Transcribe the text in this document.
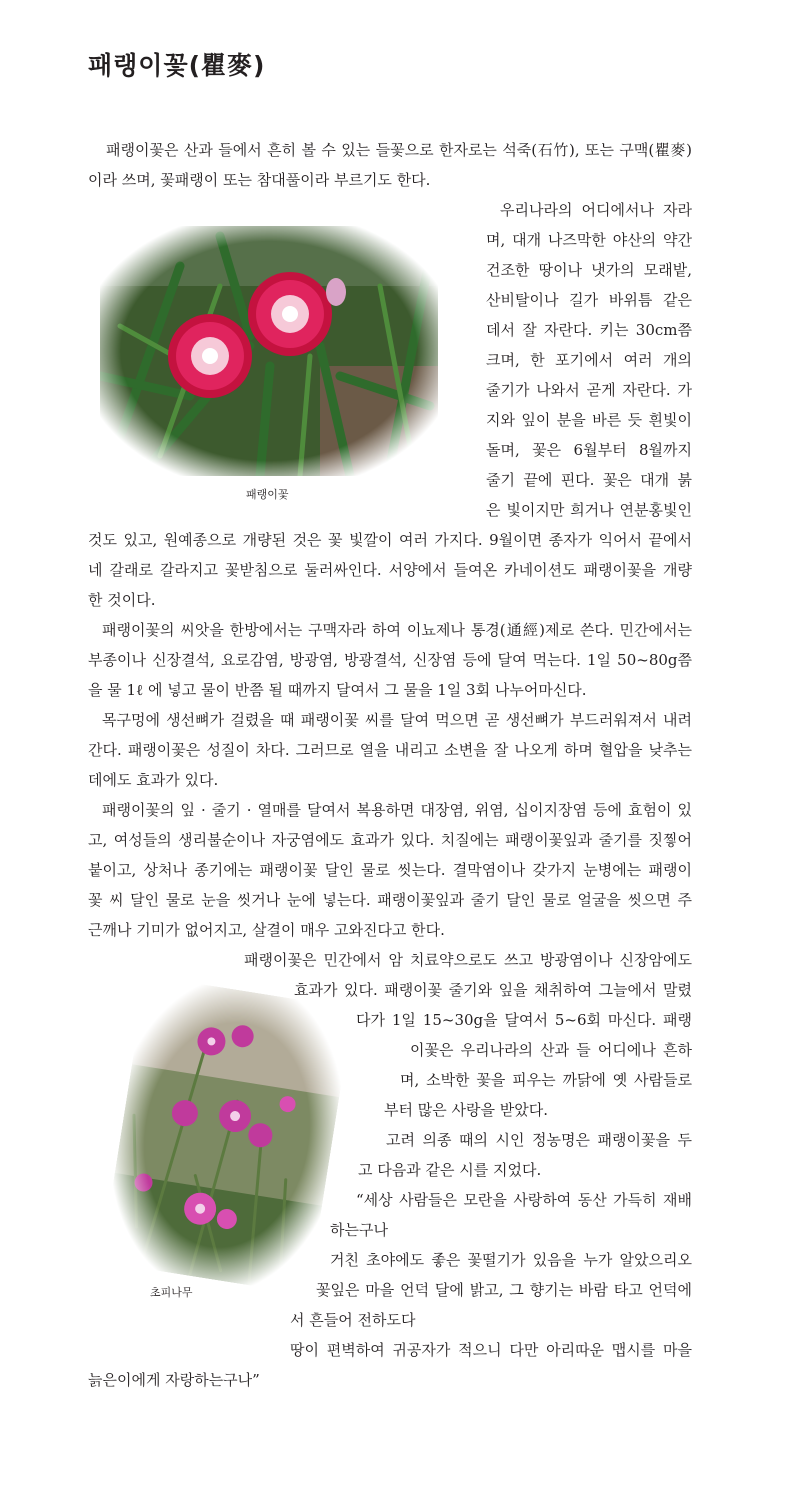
패랭이꽃(瞿麥)
패랭이꽃은 산과 들에서 흔히 볼 수 있는 들꽃으로 한자로는 석죽(石竹), 또는 구맥(瞿麥)
이라 쓰며, 꽃패랭이 또는 참대풀이라 부르기도 한다.
우리나라의 어디에서나 자라
며, 대개 나즈막한 야산의 약간
건조한 땅이나 냇가의 모래밭,
산비탈이나 길가 바위틈 같은
데서 잘 자란다. 키는 30cm쯤
크며, 한 포기에서 여러 개의
줄기가 나와서 곧게 자란다. 가
지와 잎이 분을 바른 듯 흰빛이
돌며, 꽃은 6월부터 8월까지
줄기 끝에 핀다. 꽃은 대개 붉
은 빛이지만 희거나 연분홍빛인
패랭이꽃
것도 있고, 원예종으로 개량된 것은 꽃 빛깔이 여러 가지다. 9월이면 종자가 익어서 끝에서
네 갈래로 갈라지고 꽃받침으로 둘러싸인다. 서양에서 들여온 카네이션도 패랭이꽃을 개량
한 것이다.
패랭이꽃의 씨앗을 한방에서는 구맥자라 하여 이뇨제나 통경(通經)제로 쓴다. 민간에서는
부종이나 신장결석, 요로감염, 방광염, 방광결석, 신장염 등에 달여 먹는다. 1일 50~80g쯤
을 물 1ℓ 에 넣고 물이 반쯤 될 때까지 달여서 그 물을 1일 3회 나누어마신다.
목구멍에 생선뼈가 걸렸을 때 패랭이꽃 씨를 달여 먹으면 곧 생선뼈가 부드러워져서 내려
간다. 패랭이꽃은 성질이 차다. 그러므로 열을 내리고 소변을 잘 나오게 하며 혈압을 낮추는
데에도 효과가 있다.
패랭이꽃의 잎 · 줄기 · 열매를 달여서 복용하면 대장염, 위염, 십이지장염 등에 효험이 있
고, 여성들의 생리불순이나 자궁염에도 효과가 있다. 치질에는 패랭이꽃잎과 줄기를 짓찧어
붙이고, 상처나 종기에는 패랭이꽃 달인 물로 씻는다. 결막염이나 갖가지 눈병에는 패랭이
꽃 씨 달인 물로 눈을 씻거나 눈에 넣는다. 패랭이꽃잎과 줄기 달인 물로 얼굴을 씻으면 주
근깨나 기미가 없어지고, 살결이 매우 고와진다고 한다.
패랭이꽃은 민간에서 암 치료약으로도 쓰고 방광염이나 신장암에도
효과가 있다. 패랭이꽃 줄기와 잎을 채취하여 그늘에서 말렸
다가 1일 15~30g을 달여서 5~6회 마신다. 패랭
이꽃은 우리나라의 산과 들 어디에나 흔하
며, 소박한 꽃을 피우는 까닭에 옛 사람들로
부터 많은 사랑을 받았다.
고려 의종 때의 시인 정농명은 패랭이꽃을 두
고 다음과 같은 시를 지었다.
“세상 사람들은 모란을 사랑하여 동산 가득히 재배
하는구나
거친 초야에도 좋은 꽃떨기가 있음을 누가 알았으리오
꽃잎은 마을 언덕 달에 밝고, 그 향기는 바람 타고 언덕에
서 흔들어 전하도다
땅이 편벽하여 귀공자가 적으니 다만 아리따운 맵시를 마을
늙은이에게 자랑하는구나”
초피나무
